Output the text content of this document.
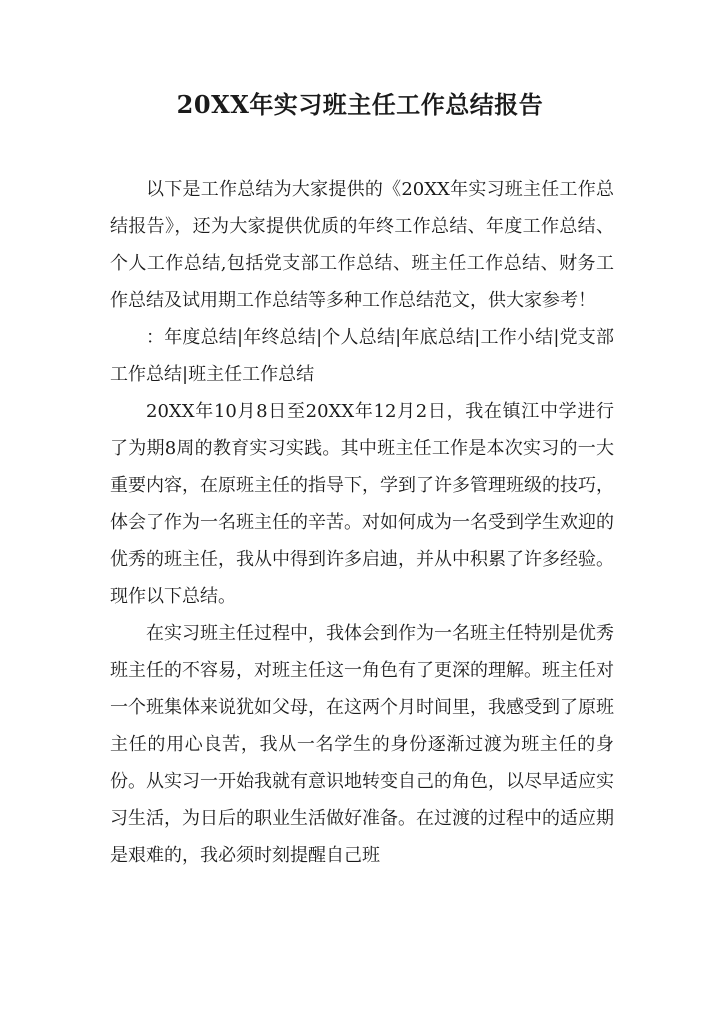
20XX年实习班主任工作总结报告

以下是工作总结为大家提供的《20XX年实习班主任工作总结报告》，还为大家提供优质的年终工作总结、年度工作总结、个人工作总结,包括党支部工作总结、班主任工作总结、财务工作总结及试用期工作总结等多种工作总结范文，供大家参考！

：年度总结|年终总结|个人总结|年底总结|工作小结|党支部工作总结|班主任工作总结

20XX年10月8日至20XX年12月2日，我在镇江中学进行了为期8周的教育实习实践。其中班主任工作是本次实习的一大重要内容，在原班主任的指导下，学到了许多管理班级的技巧，体会了作为一名班主任的辛苦。对如何成为一名受到学生欢迎的优秀的班主任，我从中得到许多启迪，并从中积累了许多经验。现作以下总结。

在实习班主任过程中，我体会到作为一名班主任特别是优秀班主任的不容易，对班主任这一角色有了更深的理解。班主任对一个班集体来说犹如父母，在这两个月时间里，我感受到了原班主任的用心良苦，我从一名学生的身份逐渐过渡为班主任的身份。从实习一开始我就有意识地转变自己的角色，以尽早适应实习生活，为日后的职业生活做好准备。在过渡的过程中的适应期是艰难的，我必须时刻提醒自己班
